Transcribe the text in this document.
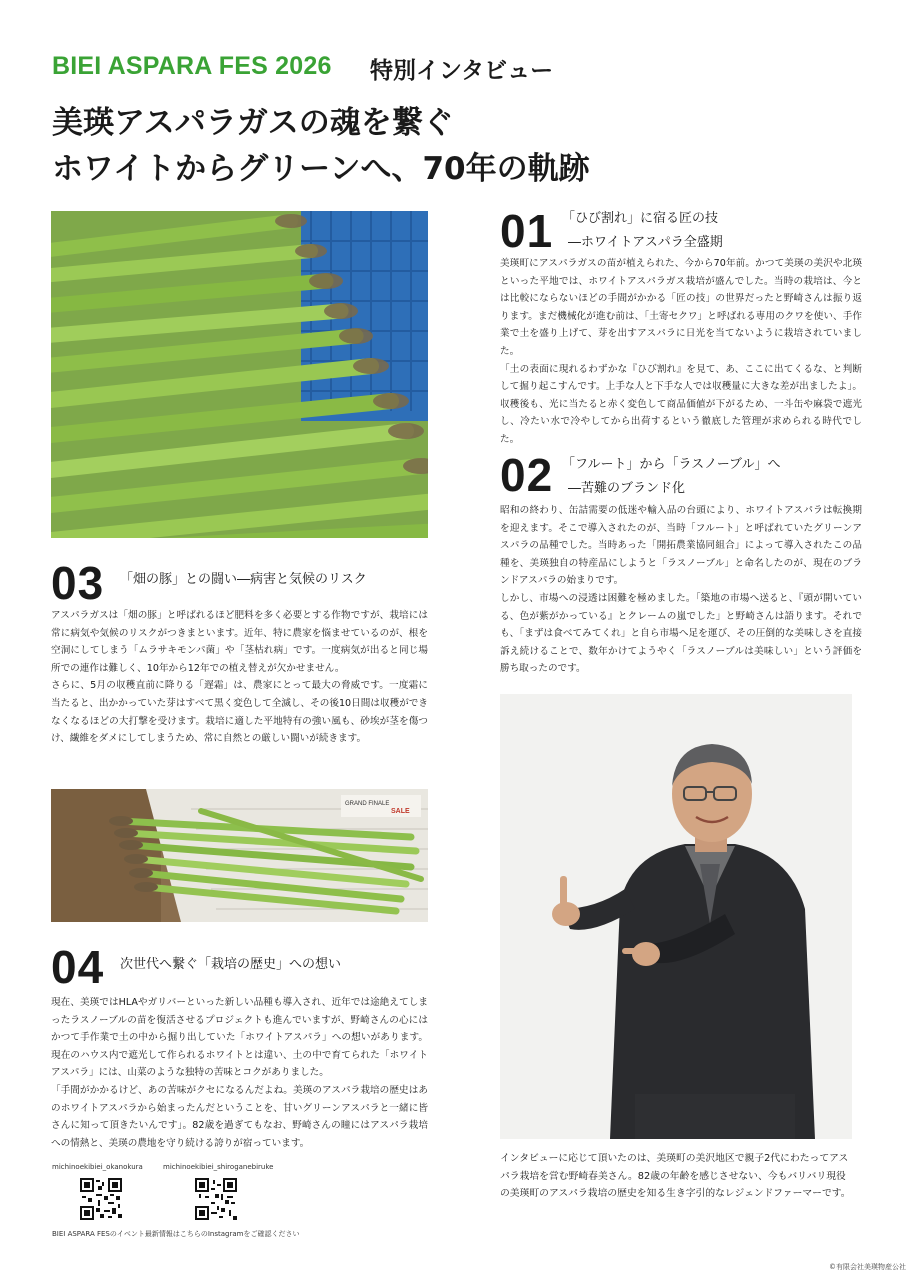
BIEI ASPARA FES 2026 特別インタビュー
美瑛アスパラガスの魂を繋ぐ
ホワイトからグリーンへ、70年の軌跡
01 「ひび割れ」に宿る匠の技
―ホワイトアスパラ全盛期

美瑛町にアスパラガスの苗が植えられた、今から70年前。かつて美瑛の美沢や北瑛といった平地では、ホワイトアスパラガス栽培が盛んでした。当時の栽培は、今とは比較にならないほどの手間がかかる「匠の技」の世界だったと野崎さんは振り返ります。まだ機械化が進む前は、「土寄セクワ」と呼ばれる専用のクワを使い、手作業で土を盛り上げて、芽を出すアスパラに日光を当てないように栽培されていました。

「土の表面に現れるわずかな『ひび割れ』を見て、あ、ここに出てくるな、と判断して掘り起こすんです。上手な人と下手な人では収穫量に大きな差が出ましたよ」。収穫後も、光に当たると赤く変色して商品価値が下がるため、一斗缶や麻袋で遮光し、冷たい水で冷やしてから出荷するという徹底した管理が求められる時代でした。

02 「フルート」から「ラスノーブル」へ
―苦難のブランド化

昭和の終わり、缶詰需要の低迷や輸入品の台頭により、ホワイトアスパラは転換期を迎えます。そこで導入されたのが、当時「フルート」と呼ばれていたグリーンアスパラの品種でした。当時あった「開拓農業協同組合」によって導入されたこの品種を、美瑛独自の特産品にしようと「ラスノーブル」と命名したのが、現在のブランドアスパラの始まりです。

しかし、市場への浸透は困難を極めました。「築地の市場へ送ると、『頭が開いている、色が紫がかっている』とクレームの嵐でした」と野崎さんは語ります。それでも、「まずは食べてみてくれ」と自ら市場へ足を運び、その圧倒的な美味しさを直接訴え続けることで、数年かけてようやく「ラスノーブルは美味しい」という評価を勝ち取ったのです。

03 「畑の豚」との闘い―病害と気候のリスク

アスパラガスは「畑の豚」と呼ばれるほど肥料を多く必要とする作物ですが、栽培には常に病気や気候のリスクがつきまといます。近年、特に農家を悩ませているのが、根を空洞にしてしまう「ムラサキモンパ菌」や「茎枯れ病」です。一度病気が出ると同じ場所での連作は難しく、10年から12年での植え替えが欠かせません。

さらに、5月の収穫直前に降りる「遅霜」は、農家にとって最大の脅威です。一度霜に当たると、出かかっていた芽はすべて黒く変色して全滅し、その後10日間は収穫ができなくなるほどの大打撃を受けます。栽培に適した平地特有の強い風も、砂埃が茎を傷つけ、繊維をダメにしてしまうため、常に自然との厳しい闘いが続きます。

GRAND FINALE
SALE
04 次世代へ繋ぐ「栽培の歴史」への想い

現在、美瑛ではHLAやガリバーといった新しい品種も導入され、近年では途絶えてしまったラスノーブルの苗を復活させるプロジェクトも進んでいますが、野崎さんの心にはかつて手作業で土の中から掘り出していた「ホワイトアスパラ」への想いがあります。現在のハウス内で遮光して作られるホワイトとは違い、土の中で育てられた「ホワイトアスパラ」には、山菜のような独特の苦味とコクがありました。

「手間がかかるけど、あの苦味がクセになるんだよね。美瑛のアスパラ栽培の歴史はあのホワイトアスパラから始まったんだということを、甘いグリーンアスパラと一緒に皆さんに知って頂きたいんです」。82歳を過ぎてもなお、野崎さんの瞳にはアスパラ栽培への情熱と、美瑛の農地を守り続ける誇りが宿っています。

インタビューに応じて頂いたのは、美瑛町の美沢地区で親子2代にわたってアスパラ栽培を営む野崎春美さん。82歳の年齢を感じさせない、今もバリバリ現役の美瑛町のアスパラ栽培の歴史を知る生き字引的なレジェンドファーマーです。
michinoekibiei_okanokura	michinoekibiei_shiroganebiruke
BIEI ASPARA FESのイベント最新情報はこちらのInstagramをご確認ください
©有限会社美瑛物産公社
